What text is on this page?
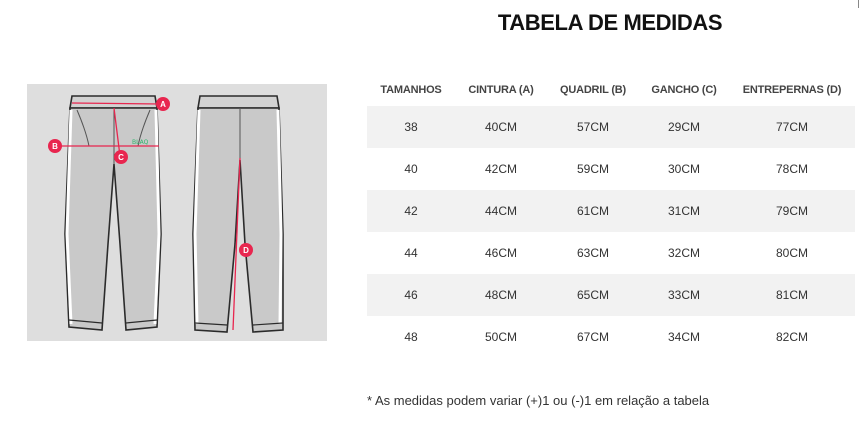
TABELA DE MEDIDAS
BLAQ
A
B
C
D
TAMANHOS	CINTURA (A)	QUADRIL (B)	GANCHO (C)	ENTREPERNAS (D)
38	40CM	57CM	29CM	77CM
40	42CM	59CM	30CM	78CM
42	44CM	61CM	31CM	79CM
44	46CM	63CM	32CM	80CM
46	48CM	65CM	33CM	81CM
48	50CM	67CM	34CM	82CM
* As medidas podem variar (+)1 ou (-)1 em relação a tabela
